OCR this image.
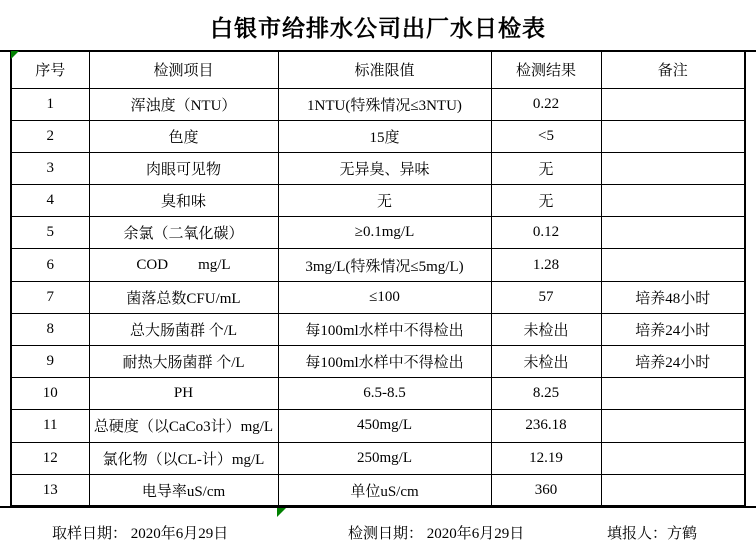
白银市给排水公司出厂水日检表
序号	检测项目	标准限值	检测结果	备注
1	浑浊度（NTU）	1NTU(特殊情况≤3NTU)	0.22	
2	色度	15度	<5	
3	肉眼可见物	无异臭、异味	无	
4	臭和味	无	无	
5	余氯（二氧化碳）	≥0.1mg/L	0.12	
6	COD        mg/L	3mg/L(特殊情况≤5mg/L)	1.28	
7	菌落总数CFU/mL	≤100	57	培养48小时
8	总大肠菌群 个/L	每100ml水样中不得检出	未检出	培养24小时
9	耐热大肠菌群 个/L	每100ml水样中不得检出	未检出	培养24小时
10	PH	6.5-8.5	8.25	
11	总硬度（以CaCo3计）mg/L	450mg/L	236.18	
12	氯化物（以CL-计）mg/L	250mg/L	12.19	
13	电导率uS/cm	单位uS/cm	360	
取样日期： 2020年6月29日	检测日期： 2020年6月29日	填报人：方鹤
